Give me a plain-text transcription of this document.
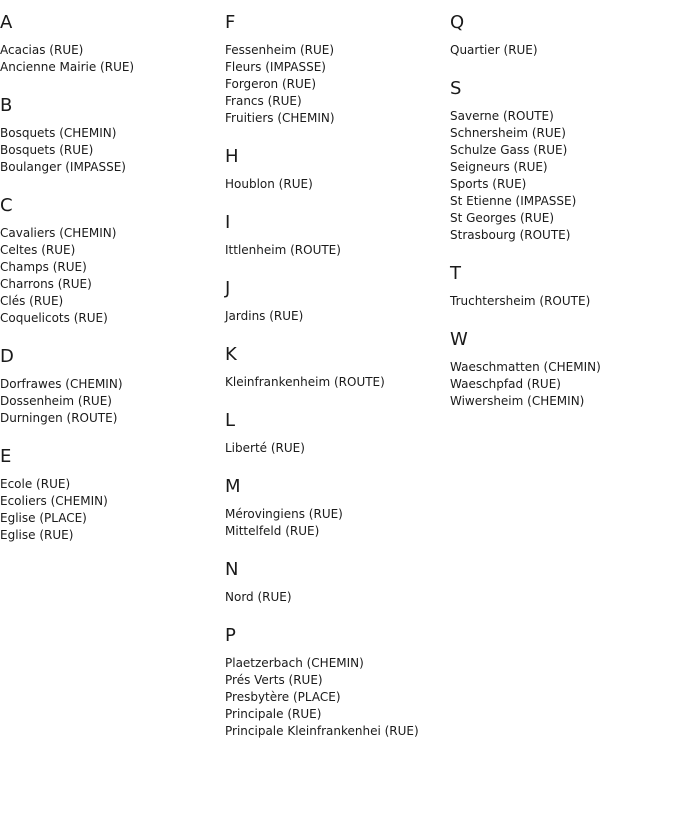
A
Acacias (RUE)
Ancienne Mairie (RUE)
B
Bosquets (CHEMIN)
Bosquets (RUE)
Boulanger (IMPASSE)
C
Cavaliers (CHEMIN)
Celtes (RUE)
Champs (RUE)
Charrons (RUE)
Clés (RUE)
Coquelicots (RUE)
D
Dorfrawes (CHEMIN)
Dossenheim (RUE)
Durningen (ROUTE)
E
Ecole (RUE)
Ecoliers (CHEMIN)
Eglise (PLACE)
Eglise (RUE)
F
Fessenheim (RUE)
Fleurs (IMPASSE)
Forgeron (RUE)
Francs (RUE)
Fruitiers (CHEMIN)
H
Houblon (RUE)
I
Ittlenheim (ROUTE)
J
Jardins (RUE)
K
Kleinfrankenheim (ROUTE)
L
Liberté (RUE)
M
Mérovingiens (RUE)
Mittelfeld (RUE)
N
Nord (RUE)
P
Plaetzerbach (CHEMIN)
Prés Verts (RUE)
Presbytère (PLACE)
Principale (RUE)
Principale Kleinfrankenhei (RUE)
Q
Quartier (RUE)
S
Saverne (ROUTE)
Schnersheim (RUE)
Schulze Gass (RUE)
Seigneurs (RUE)
Sports (RUE)
St Etienne (IMPASSE)
St Georges (RUE)
Strasbourg (ROUTE)
T
Truchtersheim (ROUTE)
W
Waeschmatten (CHEMIN)
Waeschpfad (RUE)
Wiwersheim (CHEMIN)
